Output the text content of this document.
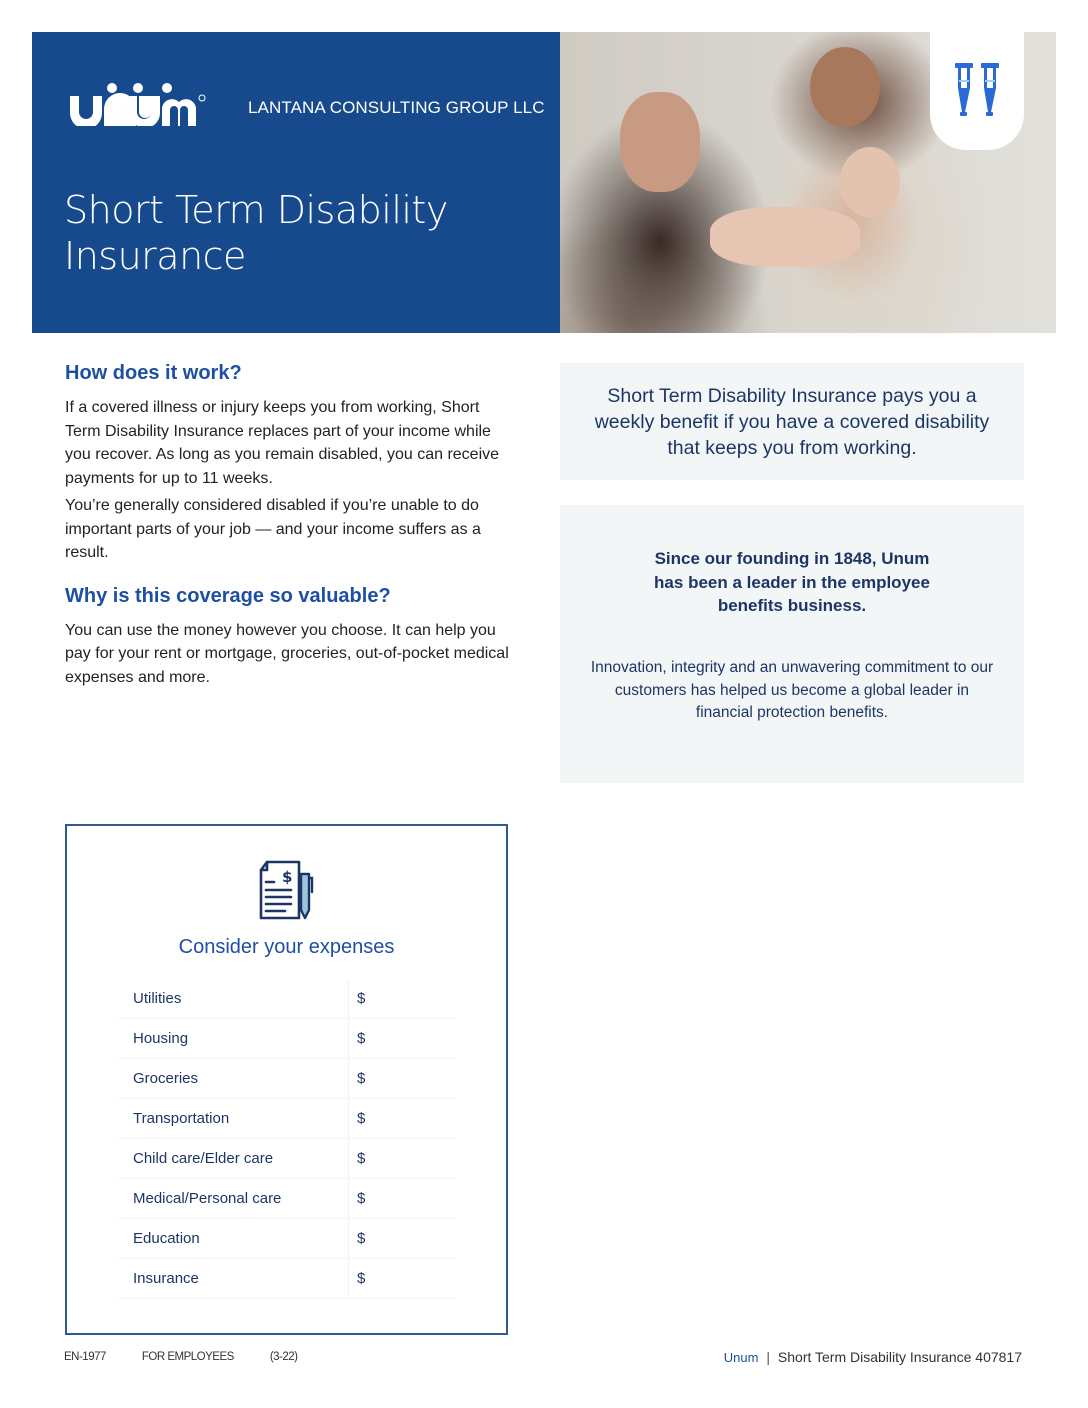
LANTANA CONSULTING GROUP LLC
Short Term Disability Insurance
How does it work?

If a covered illness or injury keeps you from working, Short Term Disability Insurance replaces part of your income while you recover. As long as you remain disabled, you can receive payments for up to 11 weeks.

You’re generally considered disabled if you’re unable to do important parts of your job — and your income suffers as a result.

Why is this coverage so valuable?

You can use the money however you choose. It can help you pay for your rent or mortgage, groceries, out-of-pocket medical expenses and more.

Short Term Disability Insurance pays you a weekly benefit if you have a covered disability that keeps you from working.
Since our founding in 1848, Unum has been a leader in the employee benefits business.
Innovation, integrity and an unwavering commitment to our customers has helped us become a global leader in financial protection benefits.
$
Consider your expenses
Utilities	$
Housing	$
Groceries	$
Transportation	$
Child care/Elder care	$
Medical/Personal care	$
Education	$
Insurance	$
EN-1977	FOR EMPLOYEES	(3-22)	Unum | Short Term Disability Insurance 407817
